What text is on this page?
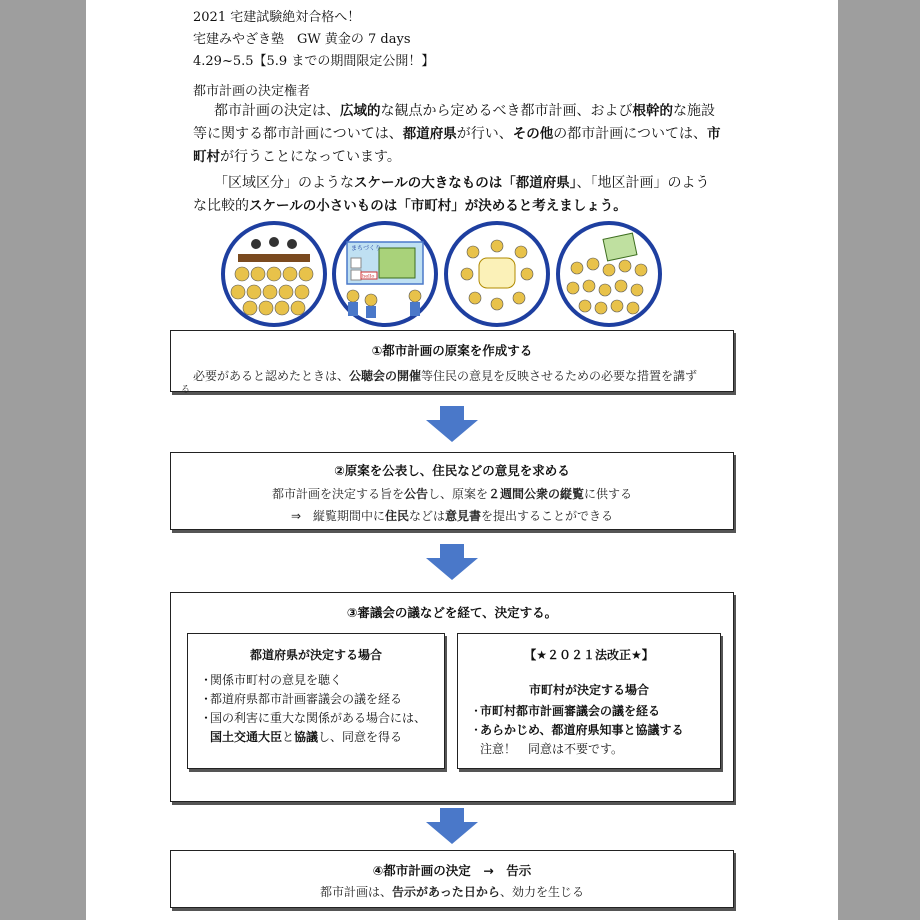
2021 宅建試験絶対合格へ！
宅建みやざき塾　GW 黄金の 7 days
4.29~5.5【5.9 までの期間限定公開！】
都市計画の決定権者
都市計画の決定は、広域的な観点から定めるべき都市計画、および根幹的な施設等に関する都市計画については、都道府県が行い、その他の都市計画については、市町村が行うことになっています。
「区域区分」のようなスケールの大きなものは「都道府県」、「地区計画」のような比較的スケールの小さいものは「市町村」が決めると考えましょう。
まちづくり
hello
①都市計画の原案を作成する
必要があると認めたときは、公聴会の開催等住民の意見を反映させるための必要な措置を講ず
る
②原案を公表し、住民などの意見を求める
都市計画を決定する旨を公告し、原案を２週間公衆の縦覧に供する
⇒　縦覧期間中に住民などは意見書を提出することができる
③審議会の議などを経て、決定する。
都道府県が決定する場合
・関係市町村の意見を聴く
・都道府県都市計画審議会の議を経る
・国の利害に重大な関係がある場合には、
国土交通大臣と協議し、同意を得る
【★２０２１法改正★】
市町村が決定する場合
・市町村都市計画審議会の議を経る
・あらかじめ、都道府県知事と協議する
注意！　同意は不要です。
④都市計画の決定　→　告示
都市計画は、告示があった日から、効力を生じる
